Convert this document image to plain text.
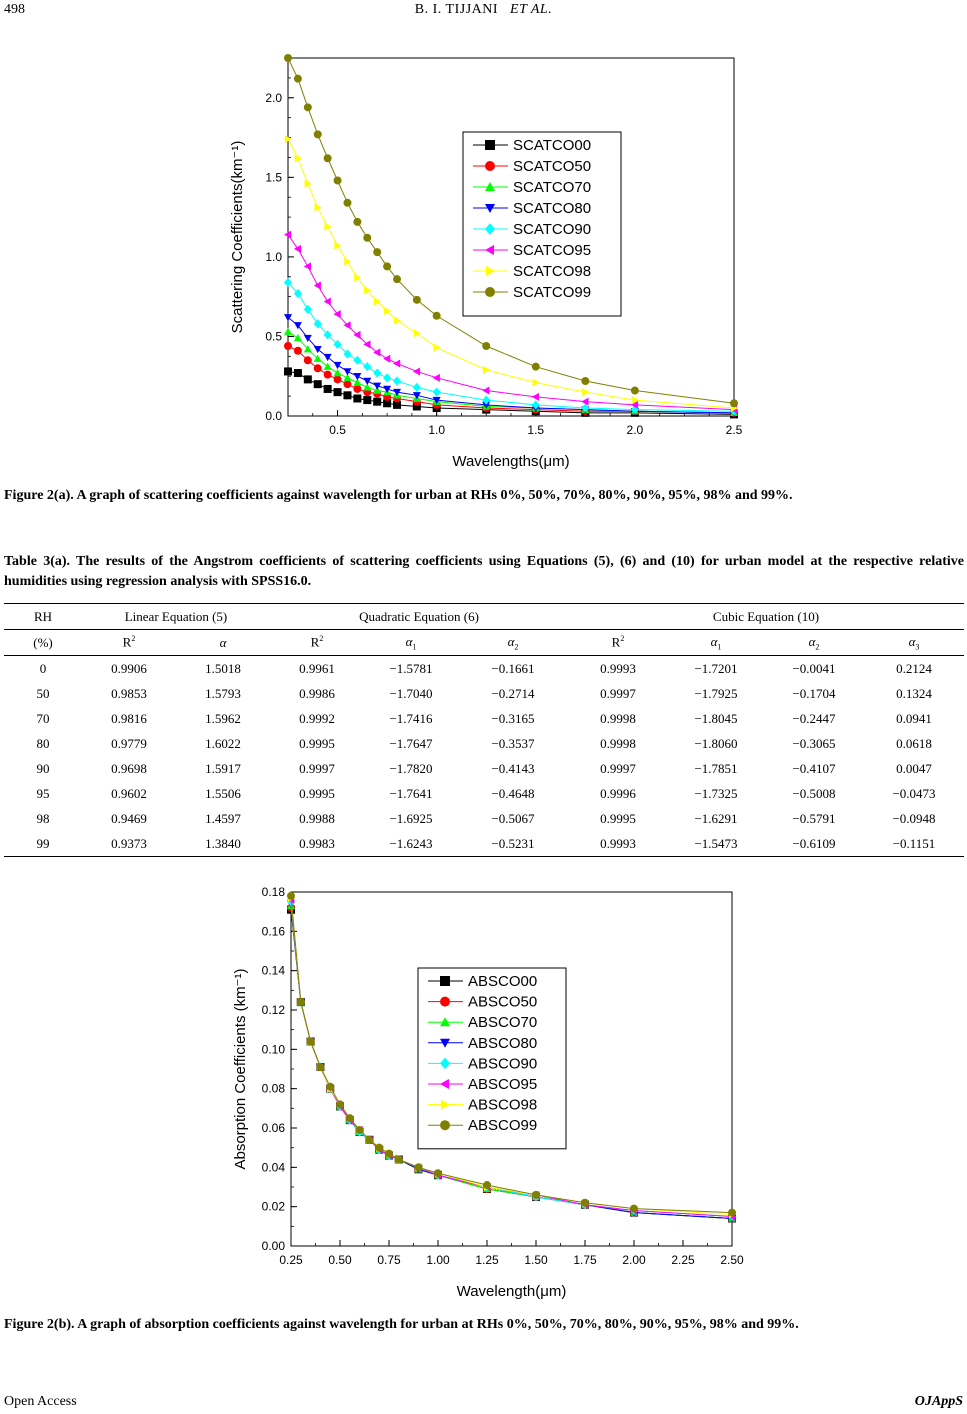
498	B. I. TIJJANI ET AL.
0.5	1.0	1.5	2.0	2.5
0.0
0.5
1.0
1.5
2.0
Wavelengths(μm)
Scattering Coefficients(km⁻¹)	SCATCO00
SCATCO50
SCATCO70
SCATCO80
SCATCO90
SCATCO95
SCATCO98
SCATCO99
Figure 2(a). A graph of scattering coefficients against wavelength for urban at RHs 0%, 50%, 70%, 80%, 90%, 95%, 98% and 99%.
Table 3(a). The results of the Angstrom coefficients of scattering coefficients using Equations (5), (6) and (10) for urban model at the respective relative humidities using regression analysis with SPSS16.0.
RH	Linear Equation (5)		Quadratic Equation (6)			Cubic Equation (10)			
(%)	$R^2$	α	$R^2$	$\alpha_1$	$\alpha_2$	$R^2$	$\alpha_1$	$\alpha_2$	$\alpha_3$
0	0.9906	1.5018	0.9961	−1.5781	−0.1661	0.9993	−1.7201	−0.0041	0.2124
50	0.9853	1.5793	0.9986	−1.7040	−0.2714	0.9997	−1.7925	−0.1704	0.1324
70	0.9816	1.5962	0.9992	−1.7416	−0.3165	0.9998	−1.8045	−0.2447	0.0941
80	0.9779	1.6022	0.9995	−1.7647	−0.3537	0.9998	−1.8060	−0.3065	0.0618
90	0.9698	1.5917	0.9997	−1.7820	−0.4143	0.9997	−1.7851	−0.4107	0.0047
95	0.9602	1.5506	0.9995	−1.7641	−0.4648	0.9996	−1.7325	−0.5008	−0.0473
98	0.9469	1.4597	0.9988	−1.6925	−0.5067	0.9995	−1.6291	−0.5791	−0.0948
99	0.9373	1.3840	0.9983	−1.6243	−0.5231	0.9993	−1.5473	−0.6109	−0.1151
0.25 0.50 0.75 1.00 1.25 1.50 1.75 2.00 2.25 2.50
0.00
0.02
0.04
0.06
0.08
0.10
0.12
0.14
0.16
0.18
Wavelength(μm)
Absorption Coefficients (km⁻¹)	ABSCO00
ABSCO50
ABSCO70
ABSCO80
ABSCO90
ABSCO95
ABSCO98
ABSCO99
Figure 2(b). A graph of absorption coefficients against wavelength for urban at RHs 0%, 50%, 70%, 80%, 90%, 95%, 98% and 99%.
Open Access	OJAppS
